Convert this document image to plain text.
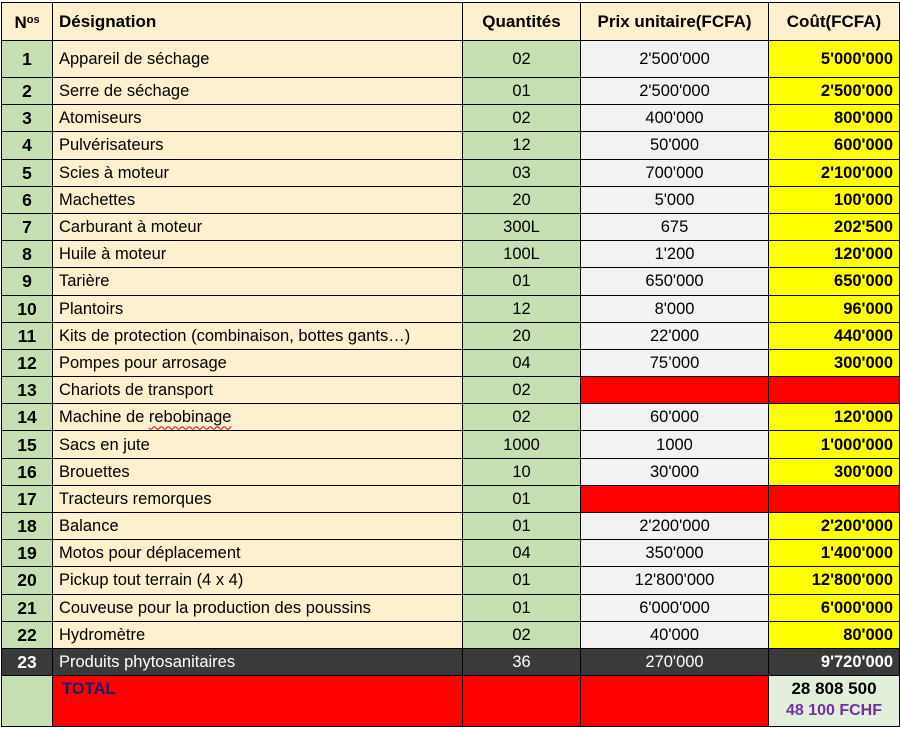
$N^{os}$	Désignation	Quantités	Prix unitaire(FCFA)	Coût(FCFA)
1	Appareil de séchage	02	2'500'000	5'000'000
2	Serre de séchage	01	2'500'000	2'500'000
3	Atomiseurs	02	400'000	800'000
4	Pulvérisateurs	12	50'000	600'000
5	Scies à moteur	03	700'000	2'100'000
6	Machettes	20	5'000	100'000
7	Carburant à moteur	300L	675	202'500
8	Huile à moteur	100L	1'200	120'000
9	Tarière	01	650'000	650'000
10	Plantoirs	12	8'000	96'000
11	Kits de protection (combinaison, bottes gants…)	20	22'000	440'000
12	Pompes pour arrosage	04	75’000	300'000
13	Chariots de transport	02		
14	Machine de rebobinage	02	60'000	120'000
15	Sacs en jute	1000	1000	1'000'000
16	Brouettes	10	30'000	300'000
17	Tracteurs remorques	01		
18	Balance	01	2'200'000	2'200'000
19	Motos pour déplacement	04	350'000	1'400'000
20	Pickup tout terrain (4 x 4)	01	12'800'000	12'800'000
21	Couveuse pour la production des poussins	01	6'000'000	6'000'000
22	Hydromètre	02	40'000	80'000
23	Produits phytosanitaires	36	270'000	9'720'000
	TOTAL			28 808 500
48 100 FCHF
